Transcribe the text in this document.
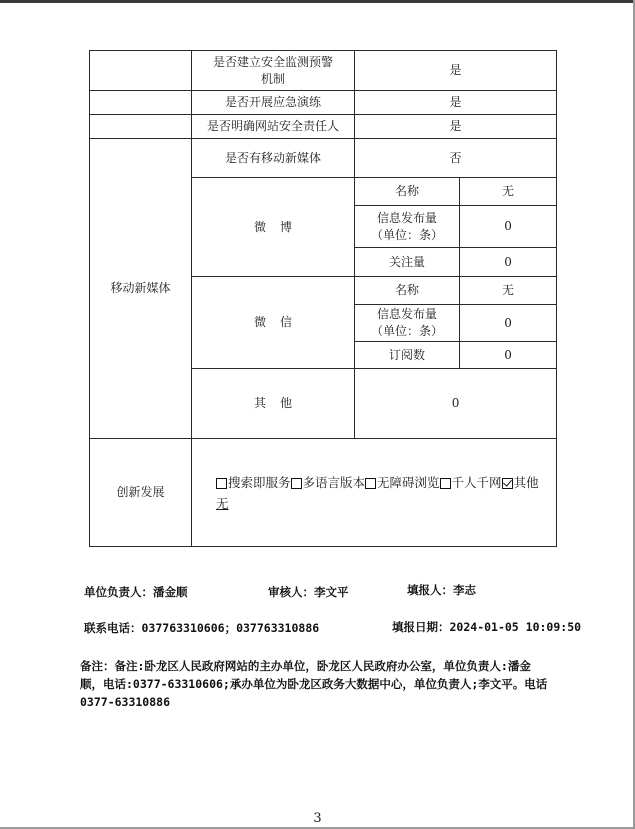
	是否建立安全监测预警机制	是	
	是否开展应急演练	是	
	是否明确网站安全责任人	是	
移动新媒体	是否有移动新媒体	否	
	微博	名称	无
		信息发布量（单位：条）	0
		关注量	0
	微信	名称	无
		信息发布量（单位：条）	0
		订阅数	0
	其他	0	
创新发展	搜索即服务 多语言版本 无障碍浏览 千人千网 其他
无		
单位负责人：潘金顺	审核人：李文平	填报人：李志
联系电话：037763310606；037763310886	填报日期：2024-01-05 10:09:50
备注：备注:卧龙区人民政府网站的主办单位，卧龙区人民政府办公室，单位负责人:潘金顺，电话:0377-63310606;承办单位为卧龙区政务大数据中心，单位负责人;李文平。电话 0377-63310886
3
